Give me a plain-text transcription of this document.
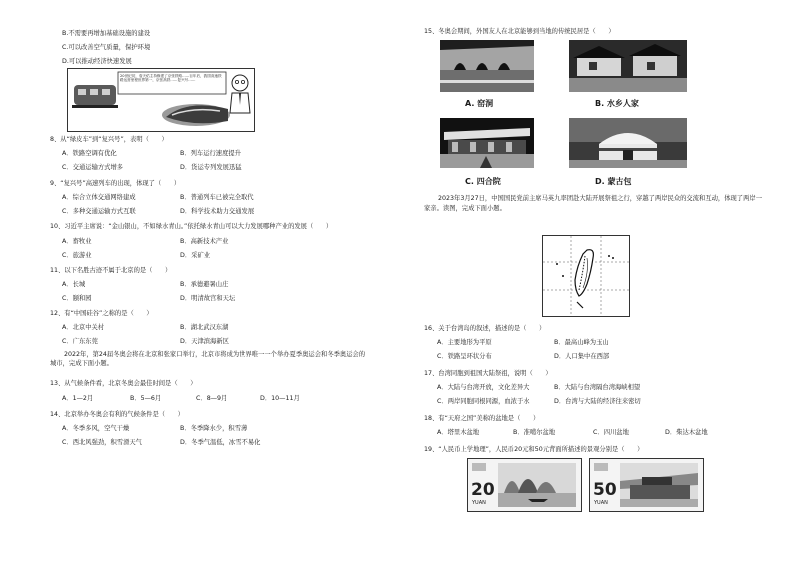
B.不需要再增加基础设施的建设
C.可以改善空气质量，保护环境
D.可以推动经济快速发展
20世纪初，詹天佑主持修建了京张铁路……百年后，我国高速铁路运营里程世界第一，京张高铁……复兴号……
8、从“绿皮车”到“复兴号”，表明（　　）
A．铁路空调有优化	B．列车运行速度提升
C．交通运输方式增多	D．货运专列发展迅猛
9、“复兴号”高速列车的出现，体现了（　　）
A．综合立体交通网络建成	B．普通列车已被完全取代
C．多种交通运输方式互联	D．科学技术助力交通发展
10、习近平主席说：“金山银山，不如绿水青山。”依托绿水青山可以大力发展哪种产业的发展（　　）
A．畜牧业	B．高新技术产业
C．旅游业	D．采矿业
11、以下名胜古迹不属于北京的是（　　）
A．长城	B．承德避暑山庄
C．颐和园	D．明清故宫和天坛
12、有“中国硅谷”之称的是（　　）
A．北京中关村	B．湖北武汉东湖
C．广东东莞	D．天津滨海新区
2022年，第24届冬奥会将在北京和张家口举行，北京市将成为世界唯一一个举办夏季奥运会和冬季奥运会的城市，完成下面小题。
13、从气候条件看，北京冬奥会最佳时间是（　　）
A．1—2月	B．5—6月	C．8—9月	D．10—11月
14、北京举办冬奥会有利的气候条件是（　　）
A．冬季多风，空气干燥	B．冬季降水少，积雪薄
C．西北风强劲，积雪滑天气	D．冬季气温低，冰雪不易化
15、冬奥会期间，外国友人在北京能够到当地的传统民居是（　　）
A. 窑洞	B. 水乡人家
C. 四合院	D. 蒙古包
2023年3月27日，中国国民党前主席马英九率团赴大陆开展祭祖之行，穿越了两岸民众的交流和互动，体现了两岸一家亲。读图，完成下面小题。
16、关于台湾岛的叙述，描述的是（　　）
A．主要地形为平原	B．最高山峰为玉山
C．铁路呈环状分布	D．人口集中在西部
17、台湾同胞到祖国大陆祭祖，说明（　　）
A．大陆与台湾开放，文化差异大	B．大陆与台湾隔台湾海峡相望
C．两岸同胞同根同源，血浓于水	D．台湾与大陆的经济往来密切
18、有“天府之国”美称的盆地是（　　）
A．塔里木盆地	B．准噶尔盆地	C．四川盆地	D．柴达木盆地
19、“人民币上学地理”，人民币20元和50元背面所描述的景观分别是（　　）
20
YUAN
50
YUAN
